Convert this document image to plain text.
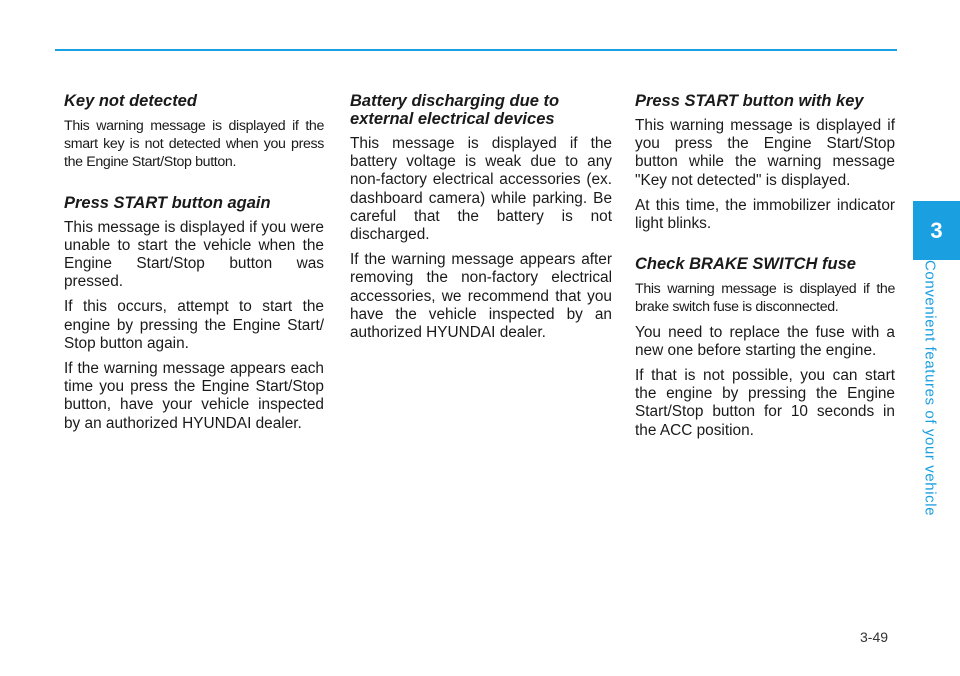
Key not detected

This warning message is displayed if the smart key is not detected when you press the Engine Start/Stop button.

Press START button again

This message is displayed if you were unable to start the vehicle when the Engine Start/Stop button was pressed.

If this occurs, attempt to start the engine by pressing the Engine Start/ Stop button again.

If the warning message appears each time you press the Engine Start/Stop button, have your vehicle inspected by an authorized HYUNDAI dealer.

Battery discharging due to external electrical devices

This message is displayed if the battery voltage is weak due to any non-factory electrical accessories (ex. dashboard camera) while parking. Be careful that the battery is not discharged.

If the warning message appears after removing the non-factory electrical accessories, we recommend that you have the vehicle inspected by an authorized HYUNDAI dealer.

Press START button with key

This warning message is displayed if you press the Engine Start/Stop button while the warning message "Key not detected" is displayed.

At this time, the immobilizer indicator light blinks.

Check BRAKE SWITCH fuse

This warning message is displayed if the brake switch fuse is disconnected.

You need to replace the fuse with a new one before starting the engine.

If that is not possible, you can start the engine by pressing the Engine Start/Stop button for 10 seconds in the ACC position.

3
Convenient features of your vehicle
3-49
